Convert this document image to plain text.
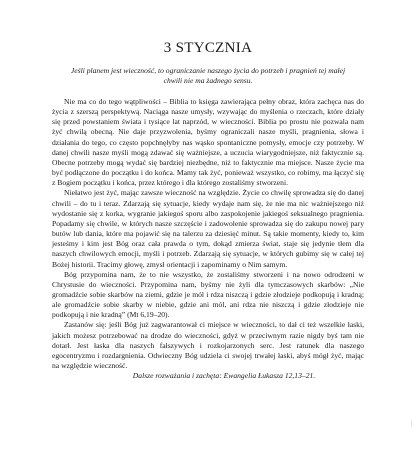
3 STYCZNIA
Jeśli planem jest wieczność, to ograniczanie naszego życia do potrzeb i pragnień tej małej chwili nie ma żadnego sensu.

Nie ma co do tego wątpliwości – Biblia to księga zawierająca pełny obraz, która zachęca nas do życia z szerszą perspektywą. Naciąga nasze umysły, wzywając do myślenia o rzeczach, które działy się przed powstaniem świata i tysiące lat naprzód, w wieczności. Biblia po prostu nie pozwala nam żyć chwilą obecną. Nie daje przyzwolenia, byśmy ograniczali nasze myśli, pragnienia, słowa i działania do tego, co często popchnęłyby nas wąsko spontaniczne pomysły, emocje czy potrzeby. W danej chwili nasze myśli mogą zdawać się ważniejsze, a uczucia wiarygodniejsze, niż faktycznie są. Obecne potrzeby mogą wydać się bardziej niezbędne, niż to faktycznie ma miejsce. Nasze życie ma być podłączone do początku i do końca. Mamy tak żyć, ponieważ wszystko, co robimy, ma łączyć się z Bogiem początku i końca, przez którego i dla którego zostaliśmy stworzeni.

Niełatwo jest żyć, mając zawsze wieczność na względzie. Życie co chwilę sprowadza się do danej chwili – do tu i teraz. Zdarzają się sytuacje, kiedy wydaje nam się, że nie ma nic ważniejszego niż wydostanie się z korka, wygranie jakiegoś sporu albo zaspokojenie jakiegoś seksualnego pragnienia. Popadamy się chwile, w których nasze szczęście i zadowolenie sprowadza się do zakupu nowej pary butów lub dania, które ma pojawić się na talerzu za dziesięć minut. Są takie momenty, kiedy to, kim jesteśmy i kim jest Bóg oraz cała prawda o tym, dokąd zmierza świat, staje się jedynie tłem dla naszych chwilowych emocji, myśli i potrzeb. Zdarzają się sytuacje, w których gubimy się w całej tej Bożej historii. Tracimy głowę, zmysł orientacji i zapominamy o Nim samym.

Bóg przypomina nam, że to nie wszystko, że zostaliśmy stworzeni i na nowo odrodzeni w Chrystusie do wieczności. Przypomina nam, byśmy nie żyli dla tymczasowych skarbów: „Nie gromadźcie sobie skarbów na ziemi, gdzie je mól i rdza niszczą i gdzie złodzieje podkopują i kradną; ale gromadźcie sobie skarby w niebie, gdzie ani mól, ani rdza nie niszczą i gdzie złodzieje nie podkopują i nie kradną” (Mt 6,19–20).

Zastanów się: jeśli Bóg już zagwarantował ci miejsce w wieczności, to dał ci też wszelkie łaski, jakich możesz potrzebować na drodze do wieczności, gdyż w przeciwnym razie nigdy byś tam nie dotarł. Jest łaska dla naszych fałszywych i rozkojarzonych serc. Jest ratunek dla naszego egocentryzmu i rozdargnienia. Odwieczny Bóg udziela ci swojej trwałej łaski, abyś mógł żyć, mając na względzie wieczność.

Dalsze rozważania i zachęta: Ewangelia Łukasza 12,13–21.

|
